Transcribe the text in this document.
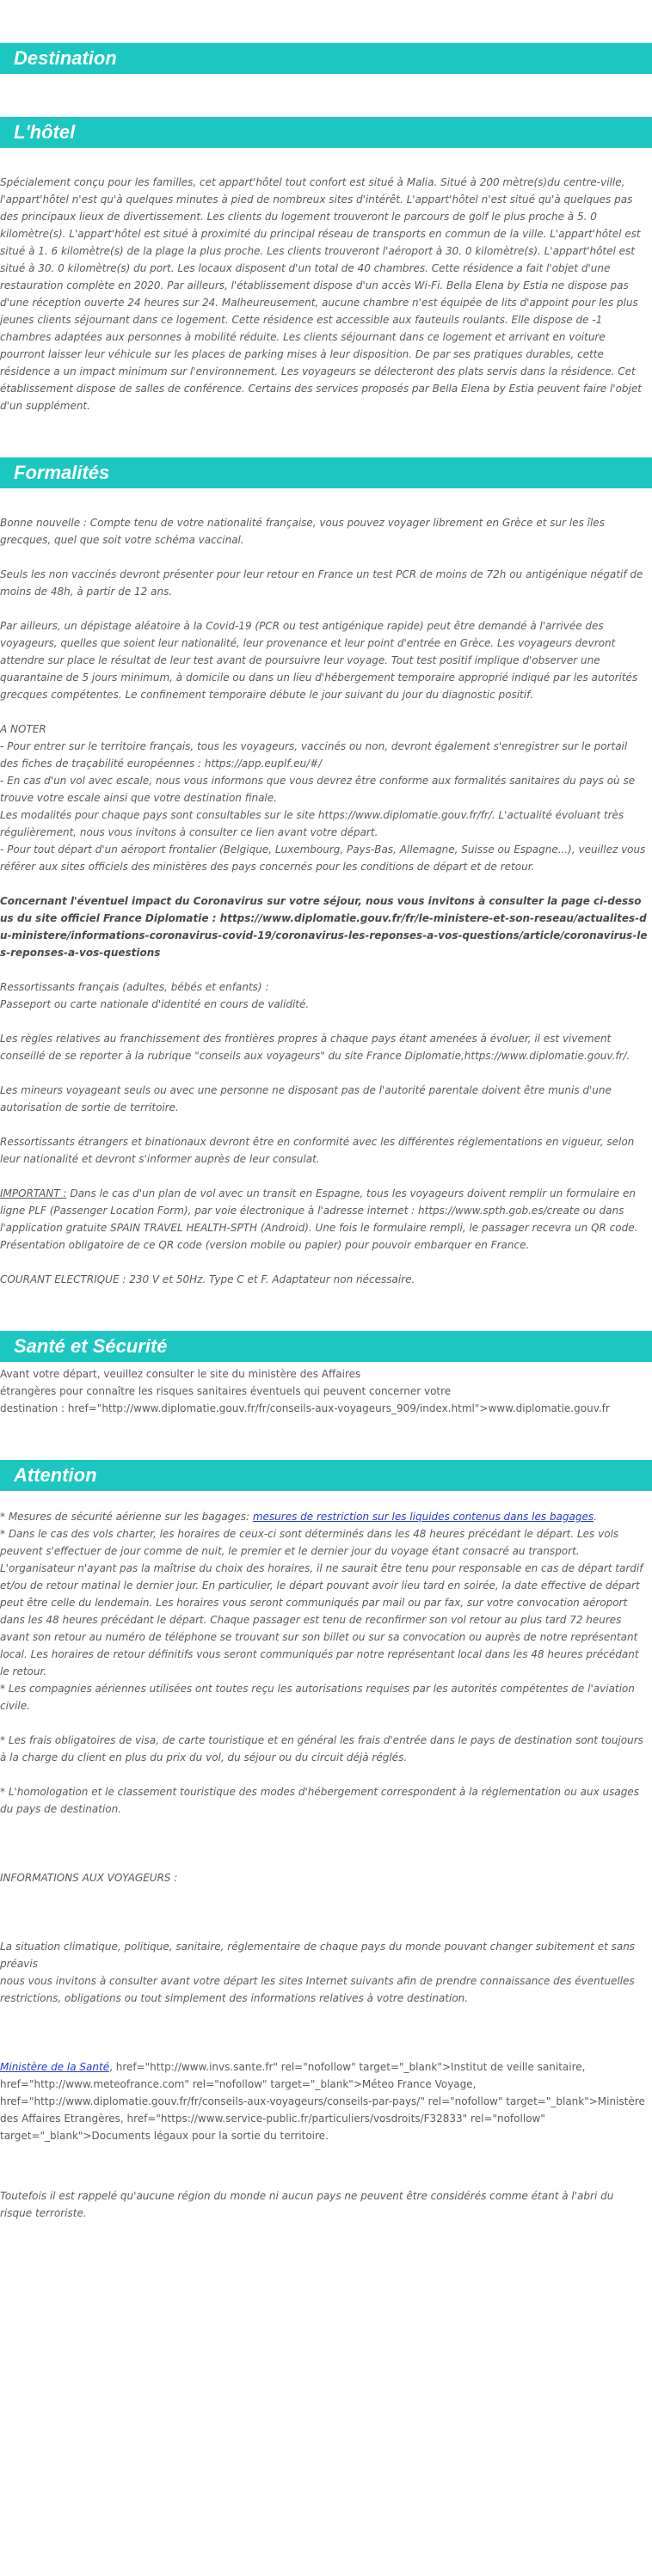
Destination
L'hôtel

Spécialement conçu pour les familles, cet appart'hôtel tout confort est situé à Malia. Situé à 200 mètre(s)du centre-ville, l'appart'hôtel n'est qu'à quelques minutes à pied de nombreux sites d'intérêt. L'appart'hôtel n'est situé qu'à quelques pas des principaux lieux de divertissement. Les clients du logement trouveront le parcours de golf le plus proche à 5. 0 kilomètre(s). L'appart'hôtel est situé à proximité du principal réseau de transports en commun de la ville. L'appart'hôtel est situé à 1. 6 kilomètre(s) de la plage la plus proche. Les clients trouveront l'aéroport à 30. 0 kilomètre(s). L'appart'hôtel est situé à 30. 0 kilomètre(s) du port. Les locaux disposent d'un total de 40 chambres. Cette résidence a fait l'objet d'une restauration complète en 2020. Par ailleurs, l'établissement dispose d'un accès Wi-Fi. Bella Elena by Estia ne dispose pas d'une réception ouverte 24 heures sur 24. Malheureusement, aucune chambre n'est équipée de lits d'appoint pour les plus jeunes clients séjournant dans ce logement. Cette résidence est accessible aux fauteuils roulants. Elle dispose de -1 chambres adaptées aux personnes à mobilité réduite. Les clients séjournant dans ce logement et arrivant en voiture pourront laisser leur véhicule sur les places de parking mises à leur disposition. De par ses pratiques durables, cette résidence a un impact minimum sur l'environnement. Les voyageurs se délecteront des plats servis dans la résidence. Cet établissement dispose de salles de conférence. Certains des services proposés par Bella Elena by Estia peuvent faire l'objet d'un supplément.

Formalités

Bonne nouvelle : Compte tenu de votre nationalité française, vous pouvez voyager librement en Grèce et sur les îles grecques, quel que soit votre schéma vaccinal.

Seuls les non vaccinés devront présenter pour leur retour en France un test PCR de moins de 72h ou antigénique négatif de moins de 48h, à partir de 12 ans.

Par ailleurs, un dépistage aléatoire à la Covid-19 (PCR ou test antigénique rapide) peut être demandé à l'arrivée des voyageurs, quelles que soient leur nationalité, leur provenance et leur point d'entrée en Grèce. Les voyageurs devront attendre sur place le résultat de leur test avant de poursuivre leur voyage. Tout test positif implique d'observer une quarantaine de 5 jours minimum, à domicile ou dans un lieu d'hébergement temporaire approprié indiqué par les autorités grecques compétentes. Le confinement temporaire débute le jour suivant du jour du diagnostic positif.

A NOTER

- Pour entrer sur le territoire français, tous les voyageurs, vaccinés ou non, devront également s'enregistrer sur le portail des fiches de traçabilité européennes : https://app.euplf.eu/#/

- En cas d'un vol avec escale, nous vous informons que vous devrez être conforme aux formalités sanitaires du pays où se trouve votre escale ainsi que votre destination finale.

Les modalités pour chaque pays sont consultables sur le site https://www.diplomatie.gouv.fr/fr/. L'actualité évoluant très régulièrement, nous vous invitons à consulter ce lien avant votre départ.

- Pour tout départ d'un aéroport frontalier (Belgique, Luxembourg, Pays-Bas, Allemagne, Suisse ou Espagne...), veuillez vous référer aux sites officiels des ministères des pays concernés pour les conditions de départ et de retour.

Concernant l'éventuel impact du Coronavirus sur votre séjour, nous vous invitons à consulter la page ci-dessous du site officiel France Diplomatie : https://www.diplomatie.gouv.fr/fr/le-ministere-et-son-reseau/actualites-du-ministere/informations-coronavirus-covid-19/coronavirus-les-reponses-a-vos-questions/article/coronavirus-les-reponses-a-vos-questions

Ressortissants français (adultes, bébés et enfants) :

Passeport ou carte nationale d'identité en cours de validité.

Les règles relatives au franchissement des frontières propres à chaque pays étant amenées à évoluer, il est vivement conseillé de se reporter à la rubrique "conseils aux voyageurs" du site France Diplomatie,https://www.diplomatie.gouv.fr/.

Les mineurs voyageant seuls ou avec une personne ne disposant pas de l'autorité parentale doivent être munis d'une autorisation de sortie de territoire.

Ressortissants étrangers et binationaux devront être en conformité avec les différentes réglementations en vigueur, selon leur nationalité et devront s'informer auprès de leur consulat.

IMPORTANT : Dans le cas d'un plan de vol avec un transit en Espagne, tous les voyageurs doivent remplir un formulaire en ligne PLF (Passenger Location Form), par voie électronique à l'adresse internet : https://www.spth.gob.es/create ou dans l'application gratuite SPAIN TRAVEL HEALTH-SPTH (Android). Une fois le formulaire rempli, le passager recevra un QR code. Présentation obligatoire de ce QR code (version mobile ou papier) pour pouvoir embarquer en France.

COURANT ELECTRIQUE : 230 V et 50Hz. Type C et F. Adaptateur non nécessaire.

Santé et Sécurité

Avant votre départ, veuillez consulter le site du ministère des Affaires

étrangères pour connaître les risques sanitaires éventuels qui peuvent concerner votre

destination : href="http://www.diplomatie.gouv.fr/fr/conseils-aux-voyageurs_909/index.html">www.diplomatie.gouv.fr

Attention

* Mesures de sécurité aérienne sur les bagages: mesures de restriction sur les liquides contenus dans les bagages.

* Dans le cas des vols charter, les horaires de ceux-ci sont déterminés dans les 48 heures précédant le départ. Les vols peuvent s'effectuer de jour comme de nuit, le premier et le dernier jour du voyage étant consacré au transport. L'organisateur n'ayant pas la maîtrise du choix des horaires, il ne saurait être tenu pour responsable en cas de départ tardif et/ou de retour matinal le dernier jour. En particulier, le départ pouvant avoir lieu tard en soirée, la date effective de départ peut être celle du lendemain. Les horaires vous seront communiqués par mail ou par fax, sur votre convocation aéroport dans les 48 heures précédant le départ. Chaque passager est tenu de reconfirmer son vol retour au plus tard 72 heures avant son retour au numéro de téléphone se trouvant sur son billet ou sur sa convocation ou auprès de notre représentant local. Les horaires de retour définitifs vous seront communiqués par notre représentant local dans les 48 heures précédant le retour.

* Les compagnies aériennes utilisées ont toutes reçu les autorisations requises par les autorités compétentes de l'aviation civile.

* Les frais obligatoires de visa, de carte touristique et en général les frais d'entrée dans le pays de destination sont toujours à la charge du client en plus du prix du vol, du séjour ou du circuit déjà réglés.

* L'homologation et le classement touristique des modes d'hébergement correspondent à la réglementation ou aux usages du pays de destination.

INFORMATIONS AUX VOYAGEURS :

La situation climatique, politique, sanitaire, réglementaire de chaque pays du monde pouvant changer subitement et sans préavis

nous vous invitons à consulter avant votre départ les sites Internet suivants afin de prendre connaissance des éventuelles restrictions, obligations ou tout simplement des informations relatives à votre destination.

Ministère de la Santé, href="http://www.invs.sante.fr" rel="nofollow" target="_blank">Institut de veille sanitaire, href="http://www.meteofrance.com" rel="nofollow" target="_blank">Méteo France Voyage, href="http://www.diplomatie.gouv.fr/fr/conseils-aux-voyageurs/conseils-par-pays/" rel="nofollow" target="_blank">Ministère des Affaires Etrangères, href="https://www.service-public.fr/particuliers/vosdroits/F32833" rel="nofollow" target="_blank">Documents légaux pour la sortie du territoire.

Toutefois il est rappelé qu'aucune région du monde ni aucun pays ne peuvent être considérés comme étant à l'abri du risque terroriste.
